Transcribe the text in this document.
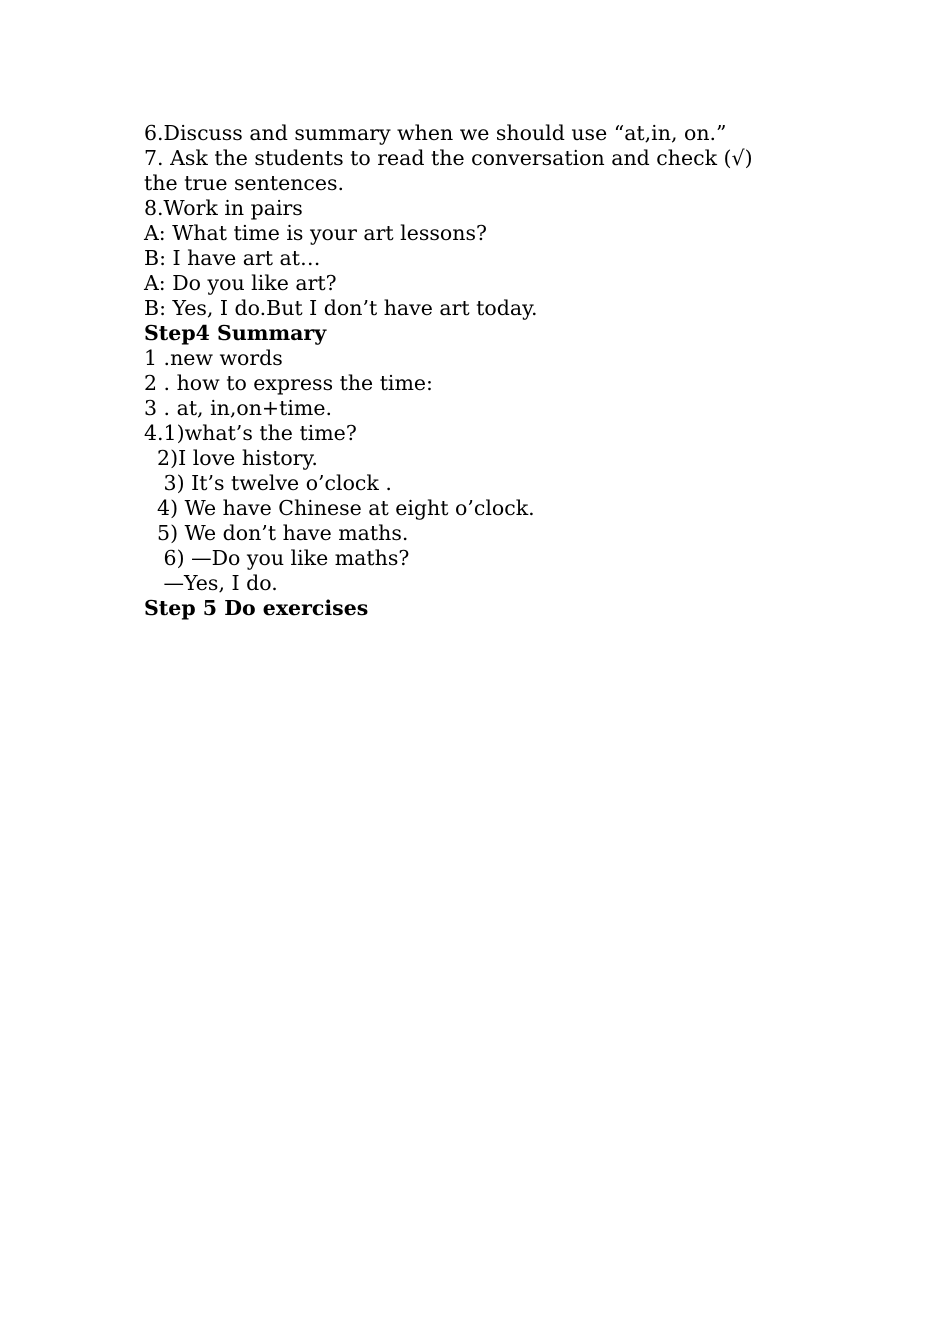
6.Discuss and summary when we should use “at,in, on.”

7. Ask the students to read the conversation and check (√)

the true sentences.

8.Work in pairs

A: What time is your art lessons?

B: I have art at…

A: Do you like art?

B: Yes, I do.But I don’t have art today.

Step4 Summary

1 .new words

2 . how to express the time:

3 . at, in,on+time.

4.1)what’s the time?

2)I love history.

3) It’s twelve o’clock .

4) We have Chinese at eight o’clock.

5) We don’t have maths.

6) —Do you like maths?

—Yes, I do.

Step 5 Do exercises
